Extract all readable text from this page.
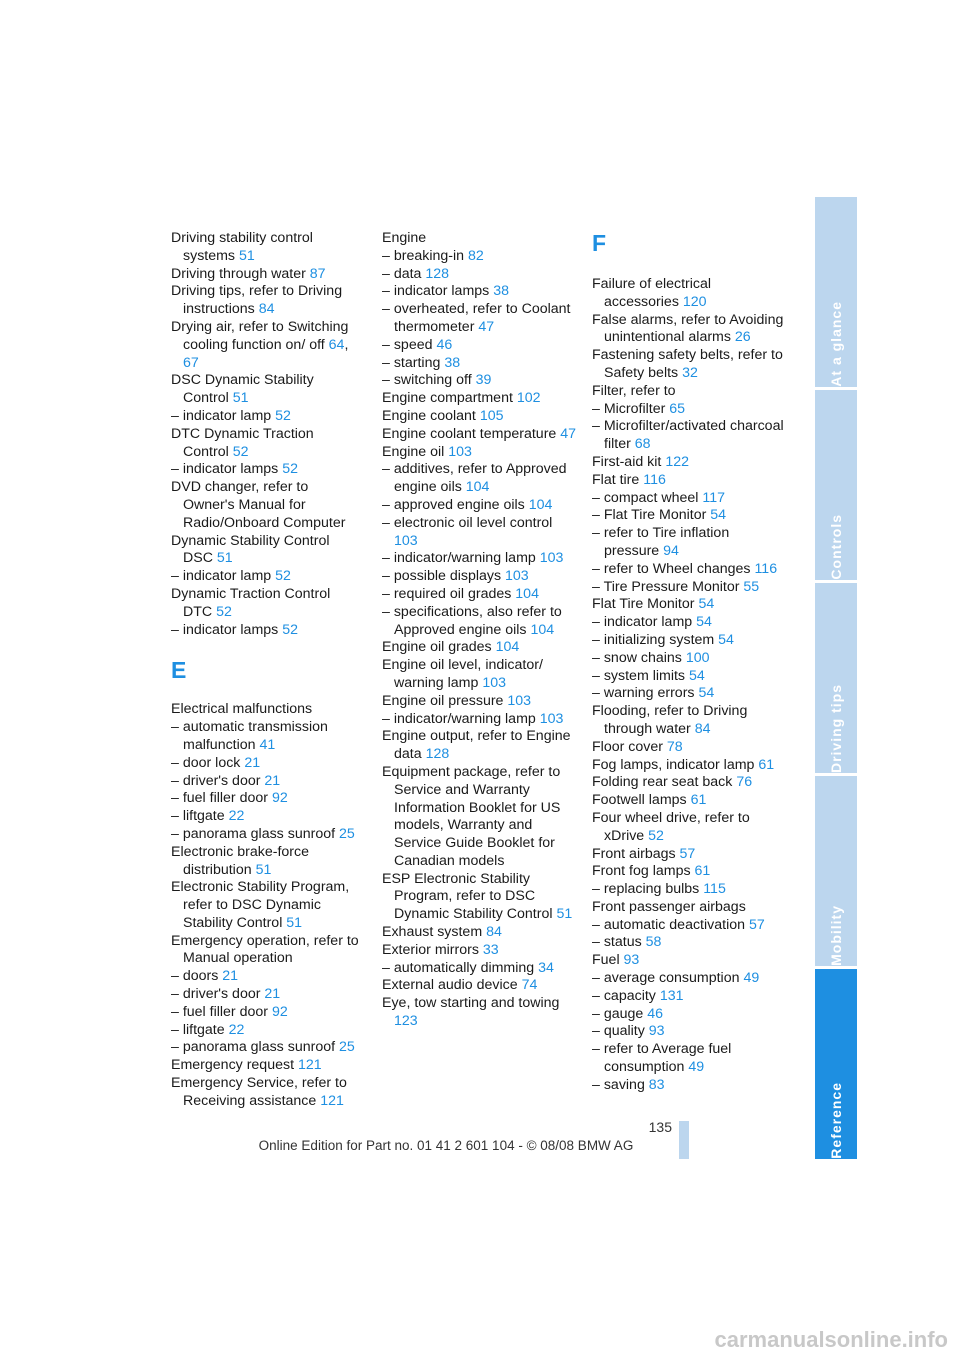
Driving stability control systems 51
Driving through water 87
Driving tips, refer to Driving instructions 84
Drying air, refer to Switching cooling function on/ off 64, 67
DSC Dynamic Stability Control 51
– indicator lamp 52
DTC Dynamic Traction Control 52
– indicator lamps 52
DVD changer, refer to Owner's Manual for Radio/Onboard Computer
Dynamic Stability Control DSC 51
– indicator lamp 52
Dynamic Traction Control DTC 52
– indicator lamps 52
E
Electrical malfunctions
– automatic transmission malfunction 41
– door lock 21
– driver's door 21
– fuel filler door 92
– liftgate 22
– panorama glass sunroof 25
Electronic brake-force distribution 51
Electronic Stability Program, refer to DSC Dynamic Stability Control 51
Emergency operation, refer to Manual operation
– doors 21
– driver's door 21
– fuel filler door 92
– liftgate 22
– panorama glass sunroof 25
Emergency request 121
Emergency Service, refer to Receiving assistance 121
Engine
– breaking-in 82
– data 128
– indicator lamps 38
– overheated, refer to Coolant thermometer 47
– speed 46
– starting 38
– switching off 39
Engine compartment 102
Engine coolant 105
Engine coolant temperature 47
Engine oil 103
– additives, refer to Approved engine oils 104
– approved engine oils 104
– electronic oil level control 103
– indicator/warning lamp 103
– possible displays 103
– required oil grades 104
– specifications, also refer to Approved engine oils 104
Engine oil grades 104
Engine oil level, indicator/ warning lamp 103
Engine oil pressure 103
– indicator/warning lamp 103
Engine output, refer to Engine data 128
Equipment package, refer to Service and Warranty Information Booklet for US models, Warranty and Service Guide Booklet for Canadian models
ESP Electronic Stability Program, refer to DSC Dynamic Stability Control 51
Exhaust system 84
Exterior mirrors 33
– automatically dimming 34
External audio device 74
Eye, tow starting and towing 123
F
Failure of electrical accessories 120
False alarms, refer to Avoiding unintentional alarms 26
Fastening safety belts, refer to Safety belts 32
Filter, refer to
– Microfilter 65
– Microfilter/activated charcoal filter 68
First-aid kit 122
Flat tire 116
– compact wheel 117
– Flat Tire Monitor 54
– refer to Tire inflation pressure 94
– refer to Wheel changes 116
– Tire Pressure Monitor 55
Flat Tire Monitor 54
– indicator lamp 54
– initializing system 54
– snow chains 100
– system limits 54
– warning errors 54
Flooding, refer to Driving through water 84
Floor cover 78
Fog lamps, indicator lamp 61
Folding rear seat back 76
Footwell lamps 61
Four wheel drive, refer to xDrive 52
Front airbags 57
Front fog lamps 61
– replacing bulbs 115
Front passenger airbags
– automatic deactivation 57
– status 58
Fuel 93
– average consumption 49
– capacity 131
– gauge 46
– quality 93
– refer to Average fuel consumption 49
– saving 83
At a glance
Controls
Driving tips
Mobility
Reference
135
Online Edition for Part no. 01 41 2 601 104 - © 08/08 BMW AG
carmanualsonline.info
